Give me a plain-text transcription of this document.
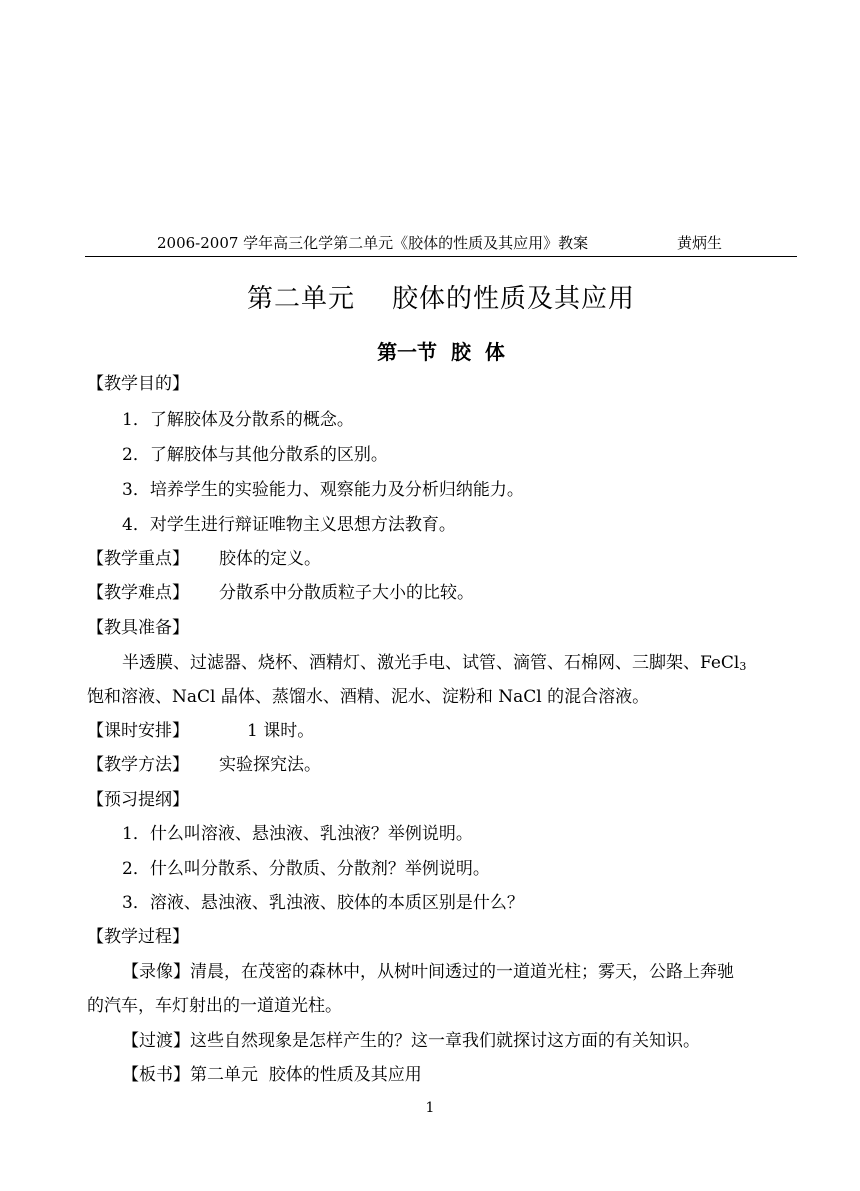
2006-2007 学年高三化学第二单元《胶体的性质及其应用》教案	黄炳生
第二单元    胶体的性质及其应用
第一节  胶  体
【教学目的】
1．了解胶体及分散系的概念。
2．了解胶体与其他分散系的区别。
3．培养学生的实验能力、观察能力及分析归纳能力。
4．对学生进行辩证唯物主义思想方法教育。
【教学重点】 胶体的定义。
【教学难点】 分散系中分散质粒子大小的比较。
【教具准备】
半透膜、过滤器、烧杯、酒精灯、激光手电、试管、滴管、石棉网、三脚架、FeCl$_3$
饱和溶液、NaCl 晶体、蒸馏水、酒精、泥水、淀粉和 NaCl 的混合溶液。
【课时安排】	1 课时。
【教学方法】 实验探究法。
【预习提纲】
1．什么叫溶液、悬浊液、乳浊液？举例说明。
2．什么叫分散系、分散质、分散剂？举例说明。
3．溶液、悬浊液、乳浊液、胶体的本质区别是什么？
【教学过程】
【录像】清晨，在茂密的森林中，从树叶间透过的一道道光柱；雾天，公路上奔驰
的汽车，车灯射出的一道道光柱。
【过渡】这些自然现象是怎样产生的？这一章我们就探讨这方面的有关知识。
【板书】第二单元  胶体的性质及其应用
1
